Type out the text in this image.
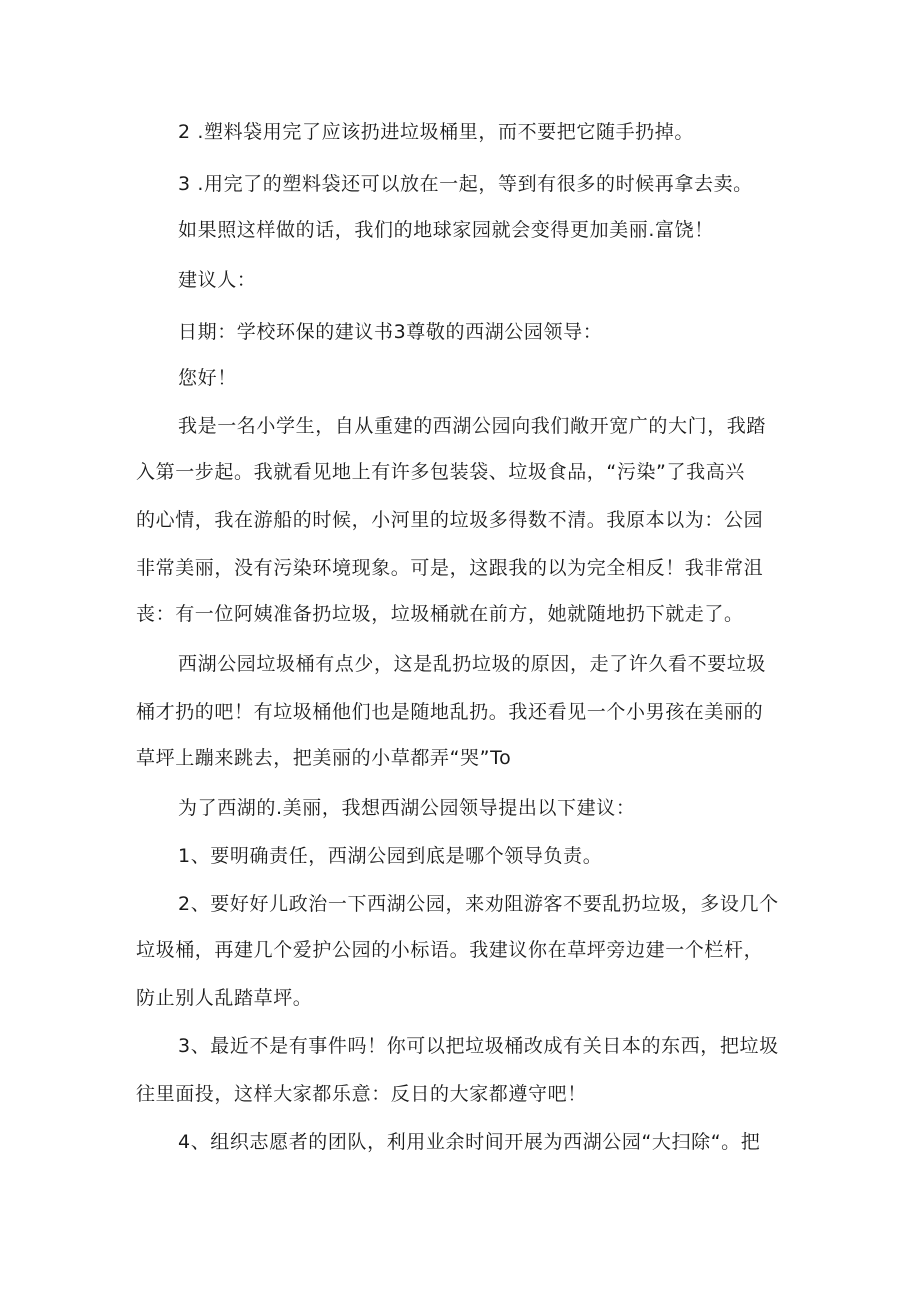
2 .塑料袋用完了应该扔进垃圾桶里，而不要把它随手扔掉。
3 .用完了的塑料袋还可以放在一起，等到有很多的时候再拿去卖。
如果照这样做的话，我们的地球家园就会变得更加美丽.富饶！
建议人：
日期：学校环保的建议书3尊敬的西湖公园领导：
您好！
我是一名小学生，自从重建的西湖公园向我们敞开宽广的大门，我踏
入第一步起。我就看见地上有许多包装袋、垃圾食品，“污染”了我高兴
的心情，我在游船的时候，小河里的垃圾多得数不清。我原本以为：公园
非常美丽，没有污染环境现象。可是，这跟我的以为完全相反！我非常沮
丧：有一位阿姨准备扔垃圾，垃圾桶就在前方，她就随地扔下就走了。
西湖公园垃圾桶有点少，这是乱扔垃圾的原因，走了许久看不要垃圾
桶才扔的吧！有垃圾桶他们也是随地乱扔。我还看见一个小男孩在美丽的
草坪上蹦来跳去，把美丽的小草都弄“哭”To
为了西湖的.美丽，我想西湖公园领导提出以下建议：
1、要明确责任，西湖公园到底是哪个领导负责。
2、要好好儿政治一下西湖公园，来劝阻游客不要乱扔垃圾，多设几个
垃圾桶，再建几个爱护公园的小标语。我建议你在草坪旁边建一个栏杆，
防止别人乱踏草坪。
3、最近不是有事件吗！你可以把垃圾桶改成有关日本的东西，把垃圾
往里面投，这样大家都乐意：反日的大家都遵守吧！
4、组织志愿者的团队，利用业余时间开展为西湖公园“大扫除“。把
